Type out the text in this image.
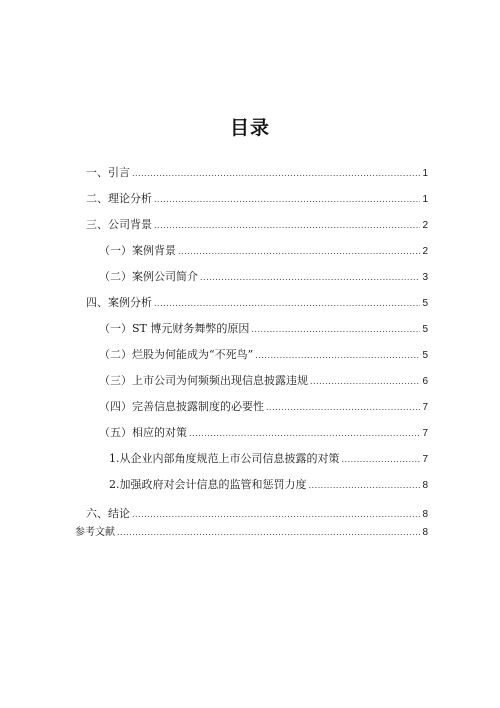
目录
一、引言 .....	1
二、理论分析 .....	1
三、公司背景 .....	2
（一）案例背景 .....	2
（二）案例公司简介 .....	3
四、案例分析 .....	5
（一）ST 博元财务舞弊的原因 .....	5
（二）烂股为何能成为“不死鸟” .....	5
（三）上市公司为何频频出现信息披露违规 .....	6
（四）完善信息披露制度的必要性 .....	7
（五）相应的对策 .....	7
1.从企业内部角度规范上市公司信息披露的对策 .....	7
2.加强政府对会计信息的监管和惩罚力度 .....	8
六、结论 .....	8
参考文献 .....	8
